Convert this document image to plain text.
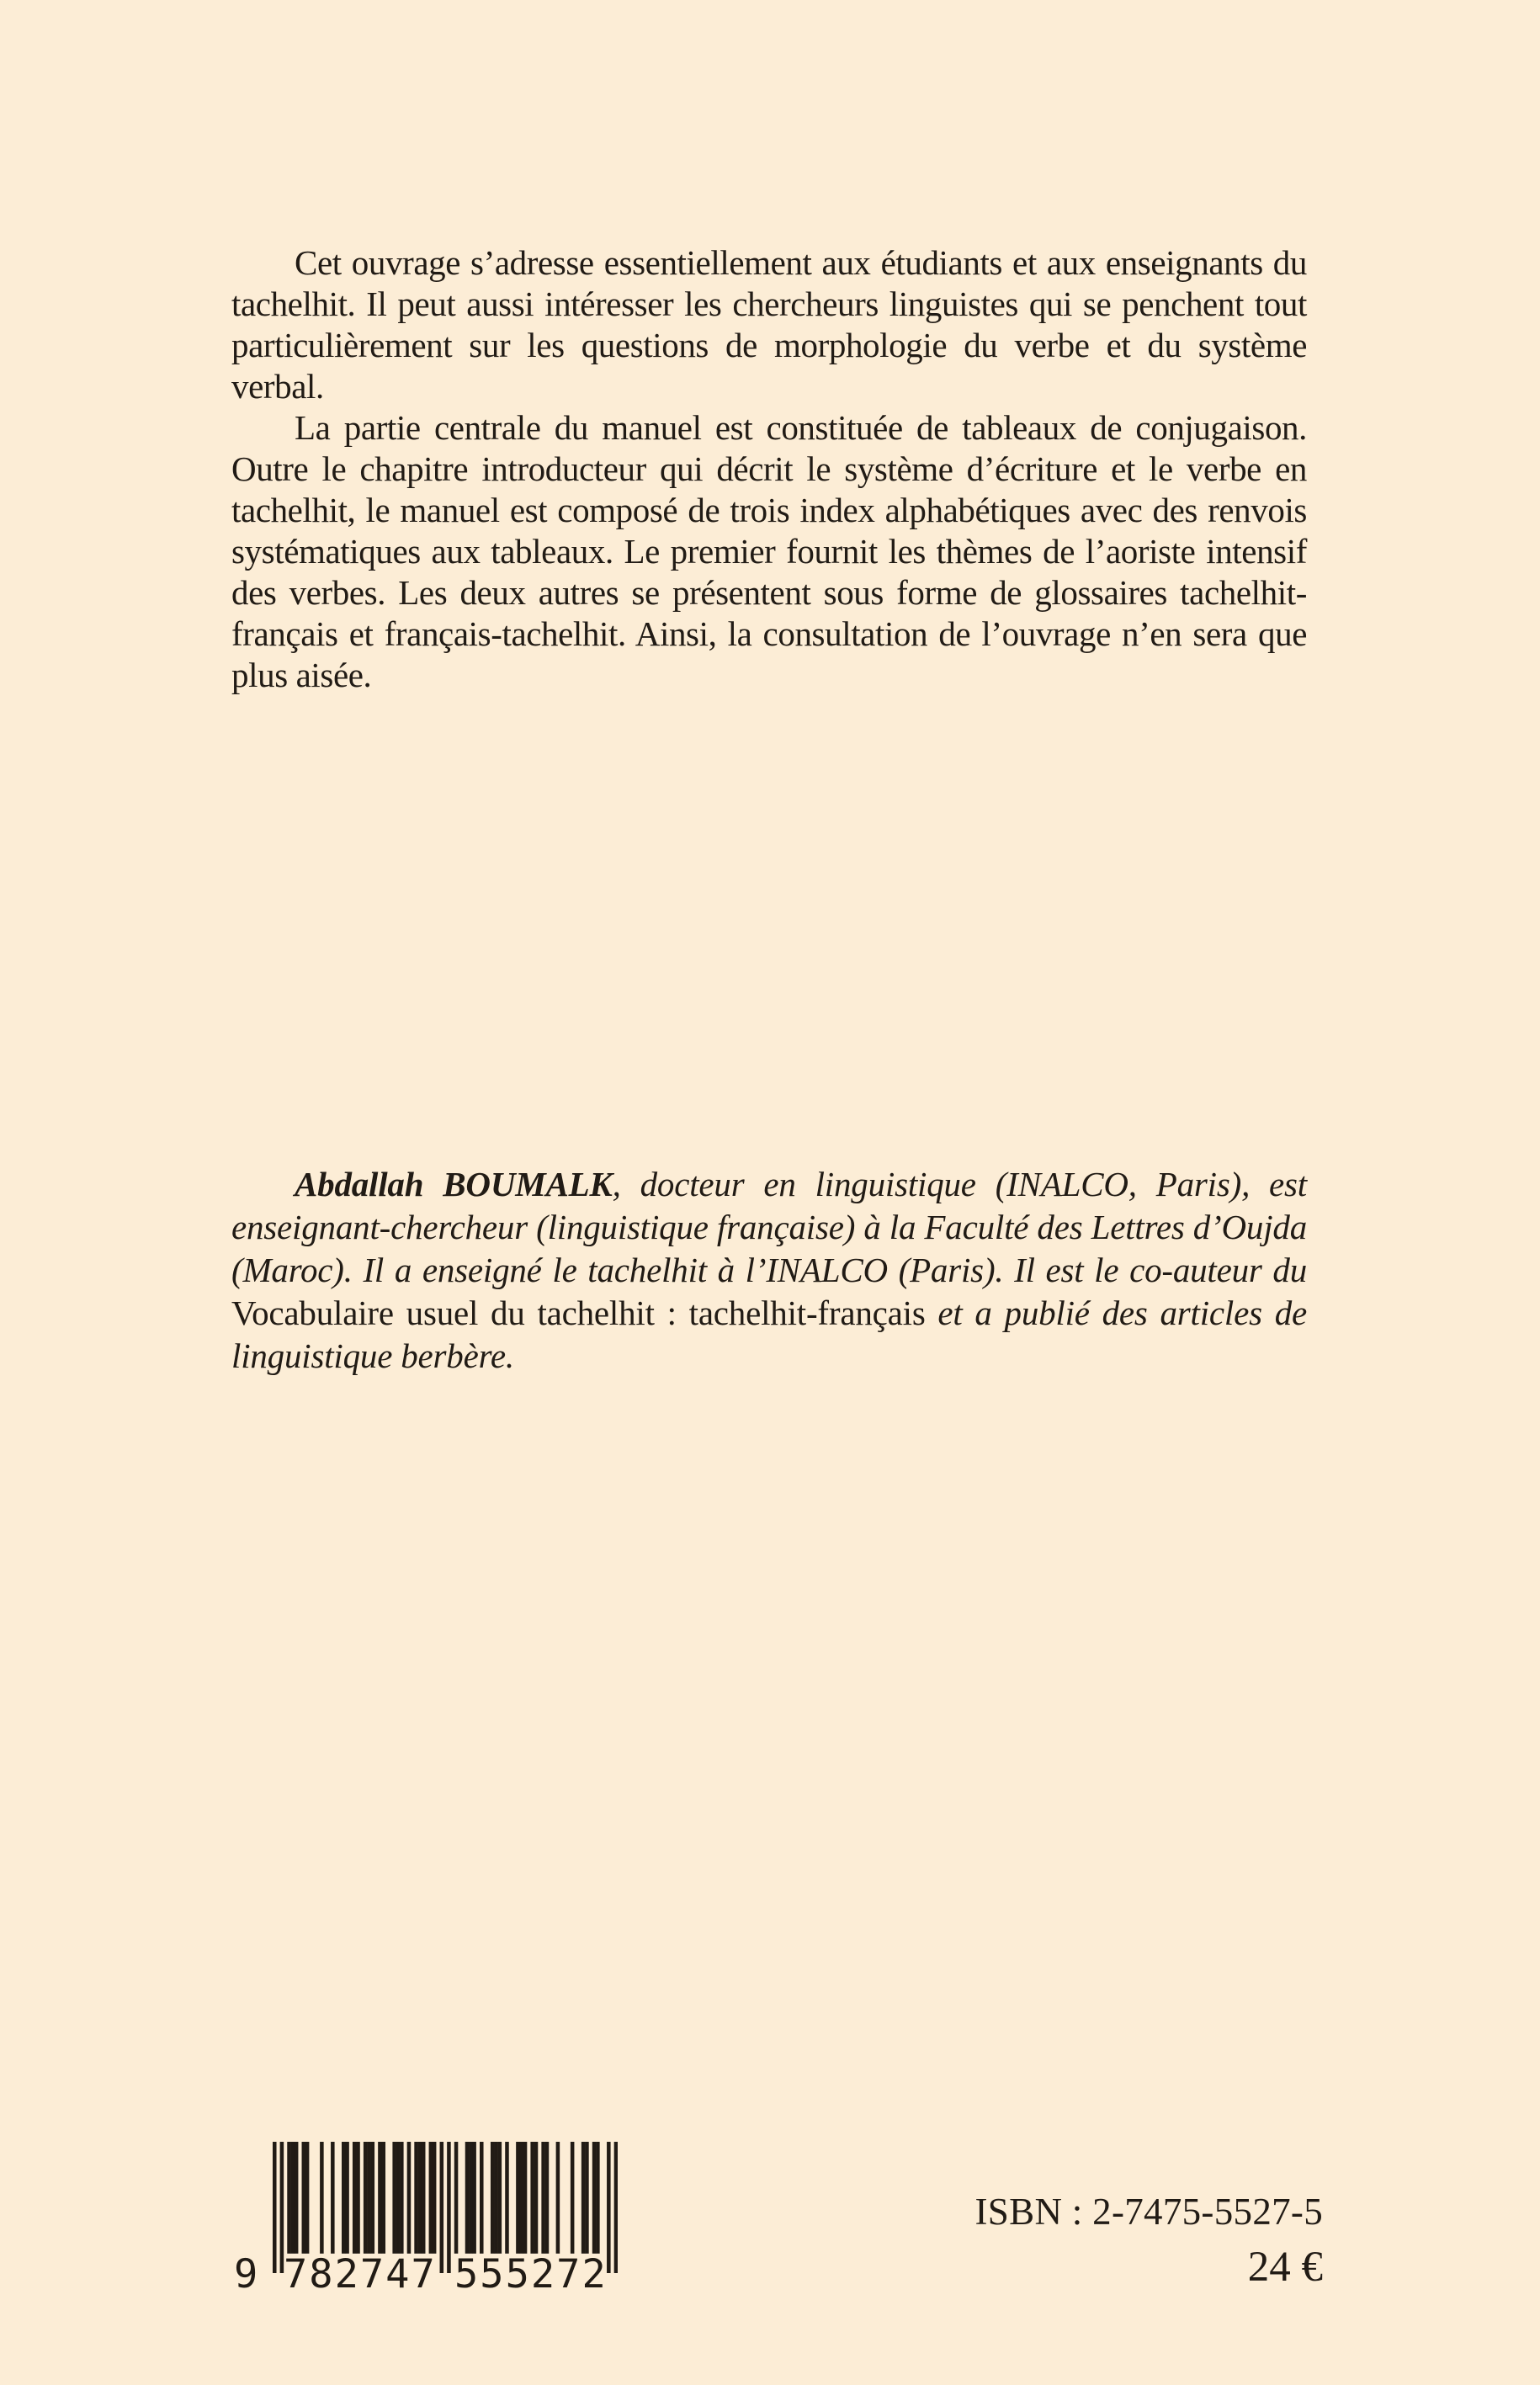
Cet ouvrage s’adresse essentiellement aux étudiants et aux enseignants du tachelhit. Il peut aussi intéresser les chercheurs linguistes qui se penchent tout particulièrement sur les questions de morphologie du verbe et du système verbal.

La partie centrale du manuel est constituée de tableaux de conjugaison. Outre le chapitre introducteur qui décrit le système d’écriture et le verbe en tachelhit, le manuel est composé de trois index alphabétiques avec des renvois systématiques aux tableaux. Le premier fournit les thèmes de l’aoriste intensif des verbes. Les deux autres se présentent sous forme de glossaires tachelhit-français et français-tachelhit. Ainsi, la consultation de l’ouvrage n’en sera que plus aisée.

Abdallah BOUMALK, docteur en linguistique (INALCO, Paris), est enseignant-chercheur (linguistique française) à la Faculté des Lettres d’Oujda (Maroc). Il a enseigné le tachelhit à l’INALCO (Paris). Il est le co-auteur du Vocabulaire usuel du tachelhit : tachelhit-français et a publié des articles de linguistique berbère.

9 782747 555272
ISBN : 2-7475-5527-5
24 €
